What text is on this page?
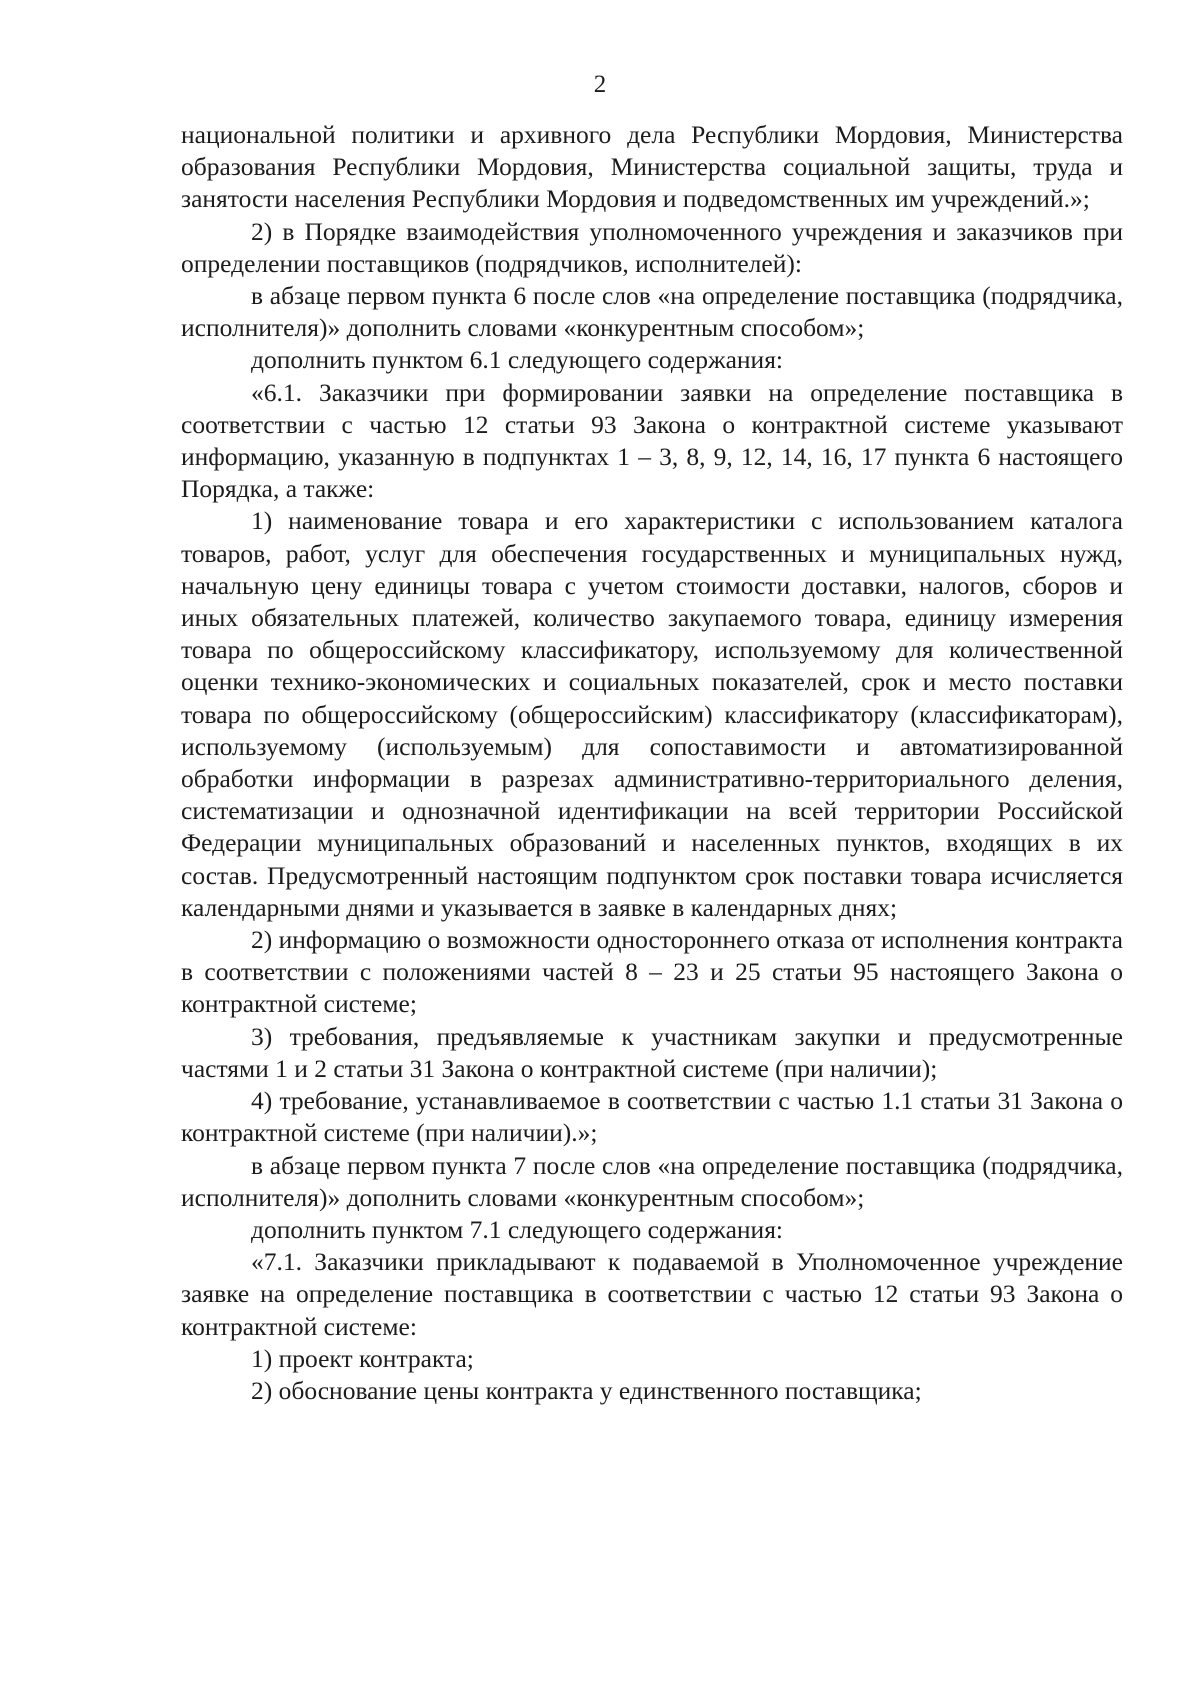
2

национальной политики и архивного дела Республики Мордовия, Министерства образования Республики Мордовия, Министерства социальной защиты, труда и занятости населения Республики Мордовия и подведомственных им учреждений.»;

2) в Порядке взаимодействия уполномоченного учреждения и заказчиков при определении поставщиков (подрядчиков, исполнителей):

в абзаце первом пункта 6 после слов «на определение поставщика (подрядчика, исполнителя)» дополнить словами «конкурентным способом»;

дополнить пунктом 6.1 следующего содержания:

«6.1. Заказчики при формировании заявки на определение поставщика в соответствии с частью 12 статьи 93 Закона о контрактной системе указывают информацию, указанную в подпунктах 1 – 3, 8, 9, 12, 14, 16, 17 пункта 6 настоящего Порядка, а также:

1) наименование товара и его характеристики с использованием каталога товаров, работ, услуг для обеспечения государственных и муниципальных нужд, начальную цену единицы товара с учетом стоимости доставки, налогов, сборов и иных обязательных платежей, количество закупаемого товара, единицу измерения товара по общероссийскому классификатору, используемому для количественной оценки технико-экономических и социальных показателей, срок и место поставки товара по общероссийскому (общероссийским) классификатору (классификаторам), используемому (используемым) для сопоставимости и автоматизированной обработки информации в разрезах административно-территориального деления, систематизации и однозначной идентификации на всей территории Российской Федерации муниципальных образований и населенных пунктов, входящих в их состав. Предусмотренный настоящим подпунктом срок поставки товара исчисляется календарными днями и указывается в заявке в календарных днях;

2) информацию о возможности одностороннего отказа от исполнения контракта в соответствии с положениями частей 8 – 23 и 25 статьи 95 настоящего Закона о контрактной системе;

3) требования, предъявляемые к участникам закупки и предусмотренные частями 1 и 2 статьи 31 Закона о контрактной системе (при наличии);

4) требование, устанавливаемое в соответствии с частью 1.1 статьи 31 Закона о контрактной системе (при наличии).»;

в абзаце первом пункта 7 после слов «на определение поставщика (подрядчика, исполнителя)» дополнить словами «конкурентным способом»;

дополнить пунктом 7.1 следующего содержания:

«7.1. Заказчики прикладывают к подаваемой в Уполномоченное учреждение заявке на определение поставщика в соответствии с частью 12 статьи 93 Закона о контрактной системе:

1) проект контракта;

2) обоснование цены контракта у единственного поставщика;
